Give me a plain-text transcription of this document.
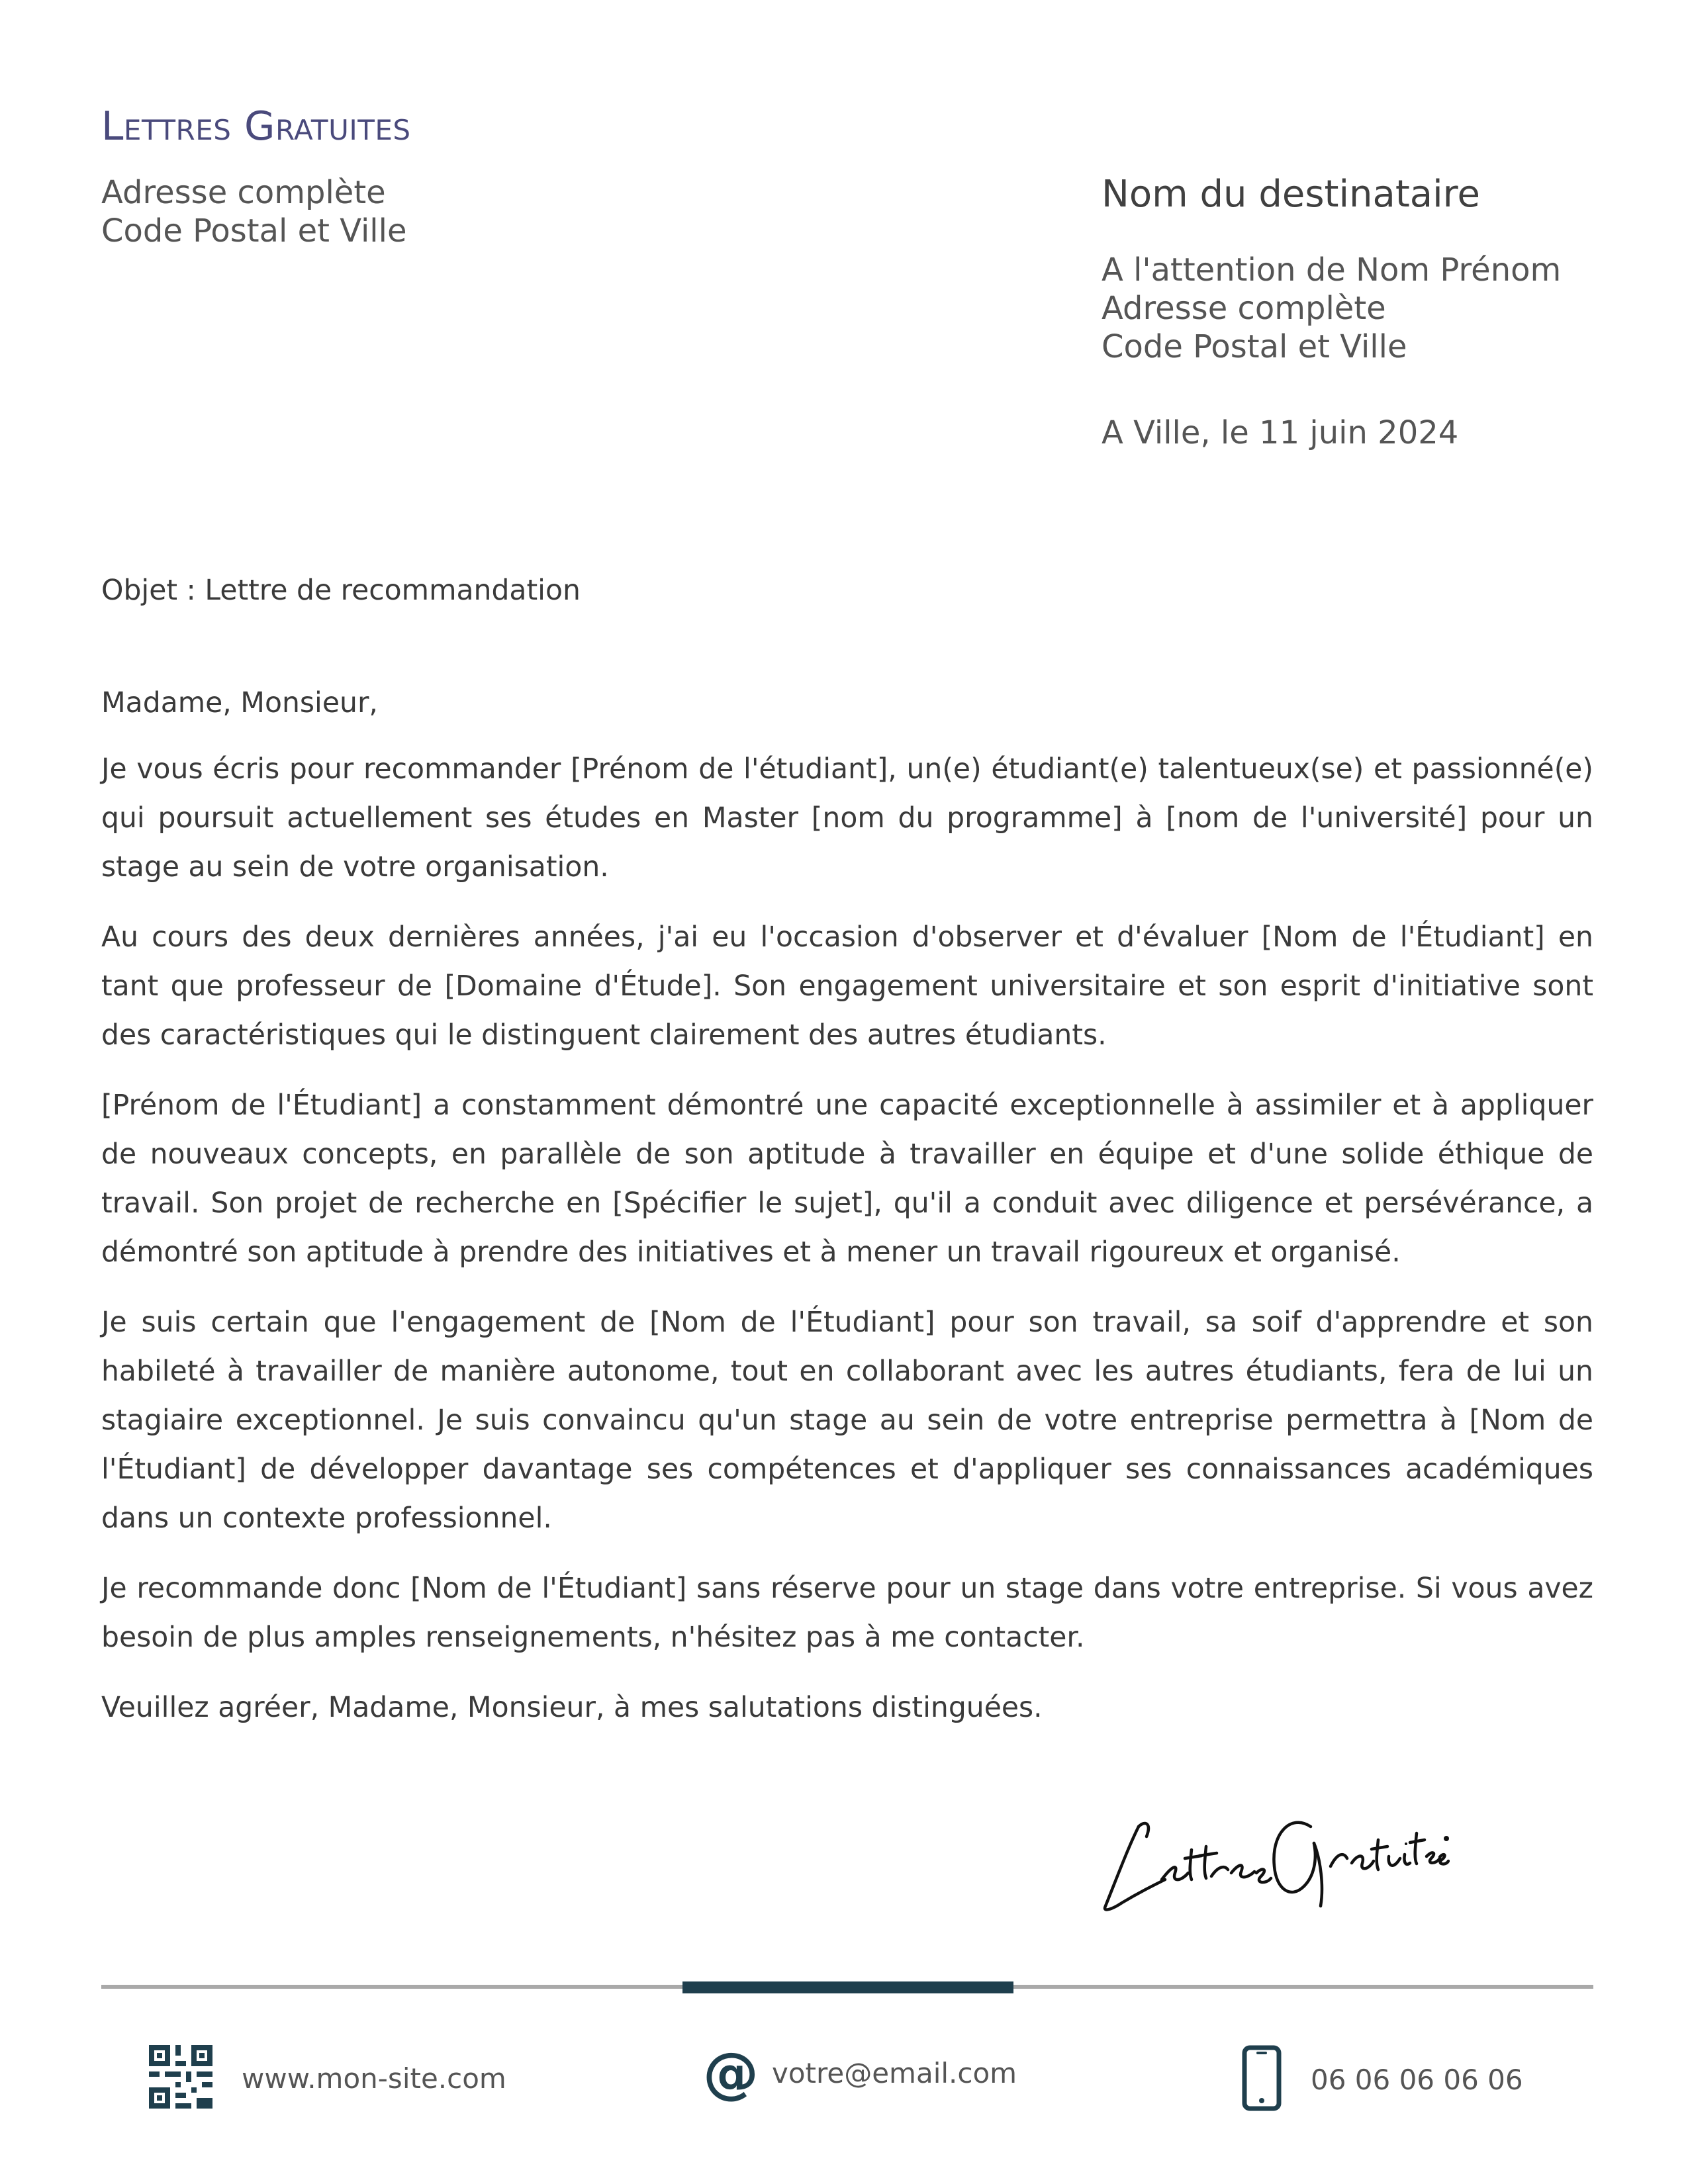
Lettres Gratuites
Adresse complète
Code Postal et Ville
Nom du destinataire
A l'attention de Nom Prénom
Adresse complète
Code Postal et Ville
A Ville, le 11 juin 2024

Objet : Lettre de recommandation

Madame, Monsieur,

Je vous écris pour recommander [Prénom de l'étudiant], un(e) étudiant(e) talentueux(se) et passionné(e) qui poursuit actuellement ses études en Master [nom du programme] à [nom de l'université] pour un stage au sein de votre organisation.

Au cours des deux dernières années, j'ai eu l'occasion d'observer et d'évaluer [Nom de l'Étudiant] en tant que professeur de [Domaine d'Étude]. Son engagement universitaire et son esprit d'initiative sont des caractéristiques qui le distinguent clairement des autres étudiants.

[Prénom de l'Étudiant] a constamment démontré une capacité exceptionnelle à assimiler et à appliquer de nouveaux concepts, en parallèle de son aptitude à travailler en équipe et d'une solide éthique de travail. Son projet de recherche en [Spécifier le sujet], qu'il a conduit avec diligence et persévérance, a démontré son aptitude à prendre des initiatives et à mener un travail rigoureux et organisé.

Je suis certain que l'engagement de [Nom de l'Étudiant] pour son travail, sa soif d'apprendre et son habileté à travailler de manière autonome, tout en collaborant avec les autres étudiants, fera de lui un stagiaire exceptionnel. Je suis convaincu qu'un stage au sein de votre entreprise permettra à [Nom de l'Étudiant] de développer davantage ses compétences et d'appliquer ses connaissances académiques dans un contexte professionnel.

Je recommande donc [Nom de l'Étudiant] sans réserve pour un stage dans votre entreprise. Si vous avez besoin de plus amples renseignements, n'hésitez pas à me contacter.

Veuillez agréer, Madame, Monsieur, à mes salutations distinguées.

www.mon-site.com	@ votre@email.com	06 06 06 06 06
